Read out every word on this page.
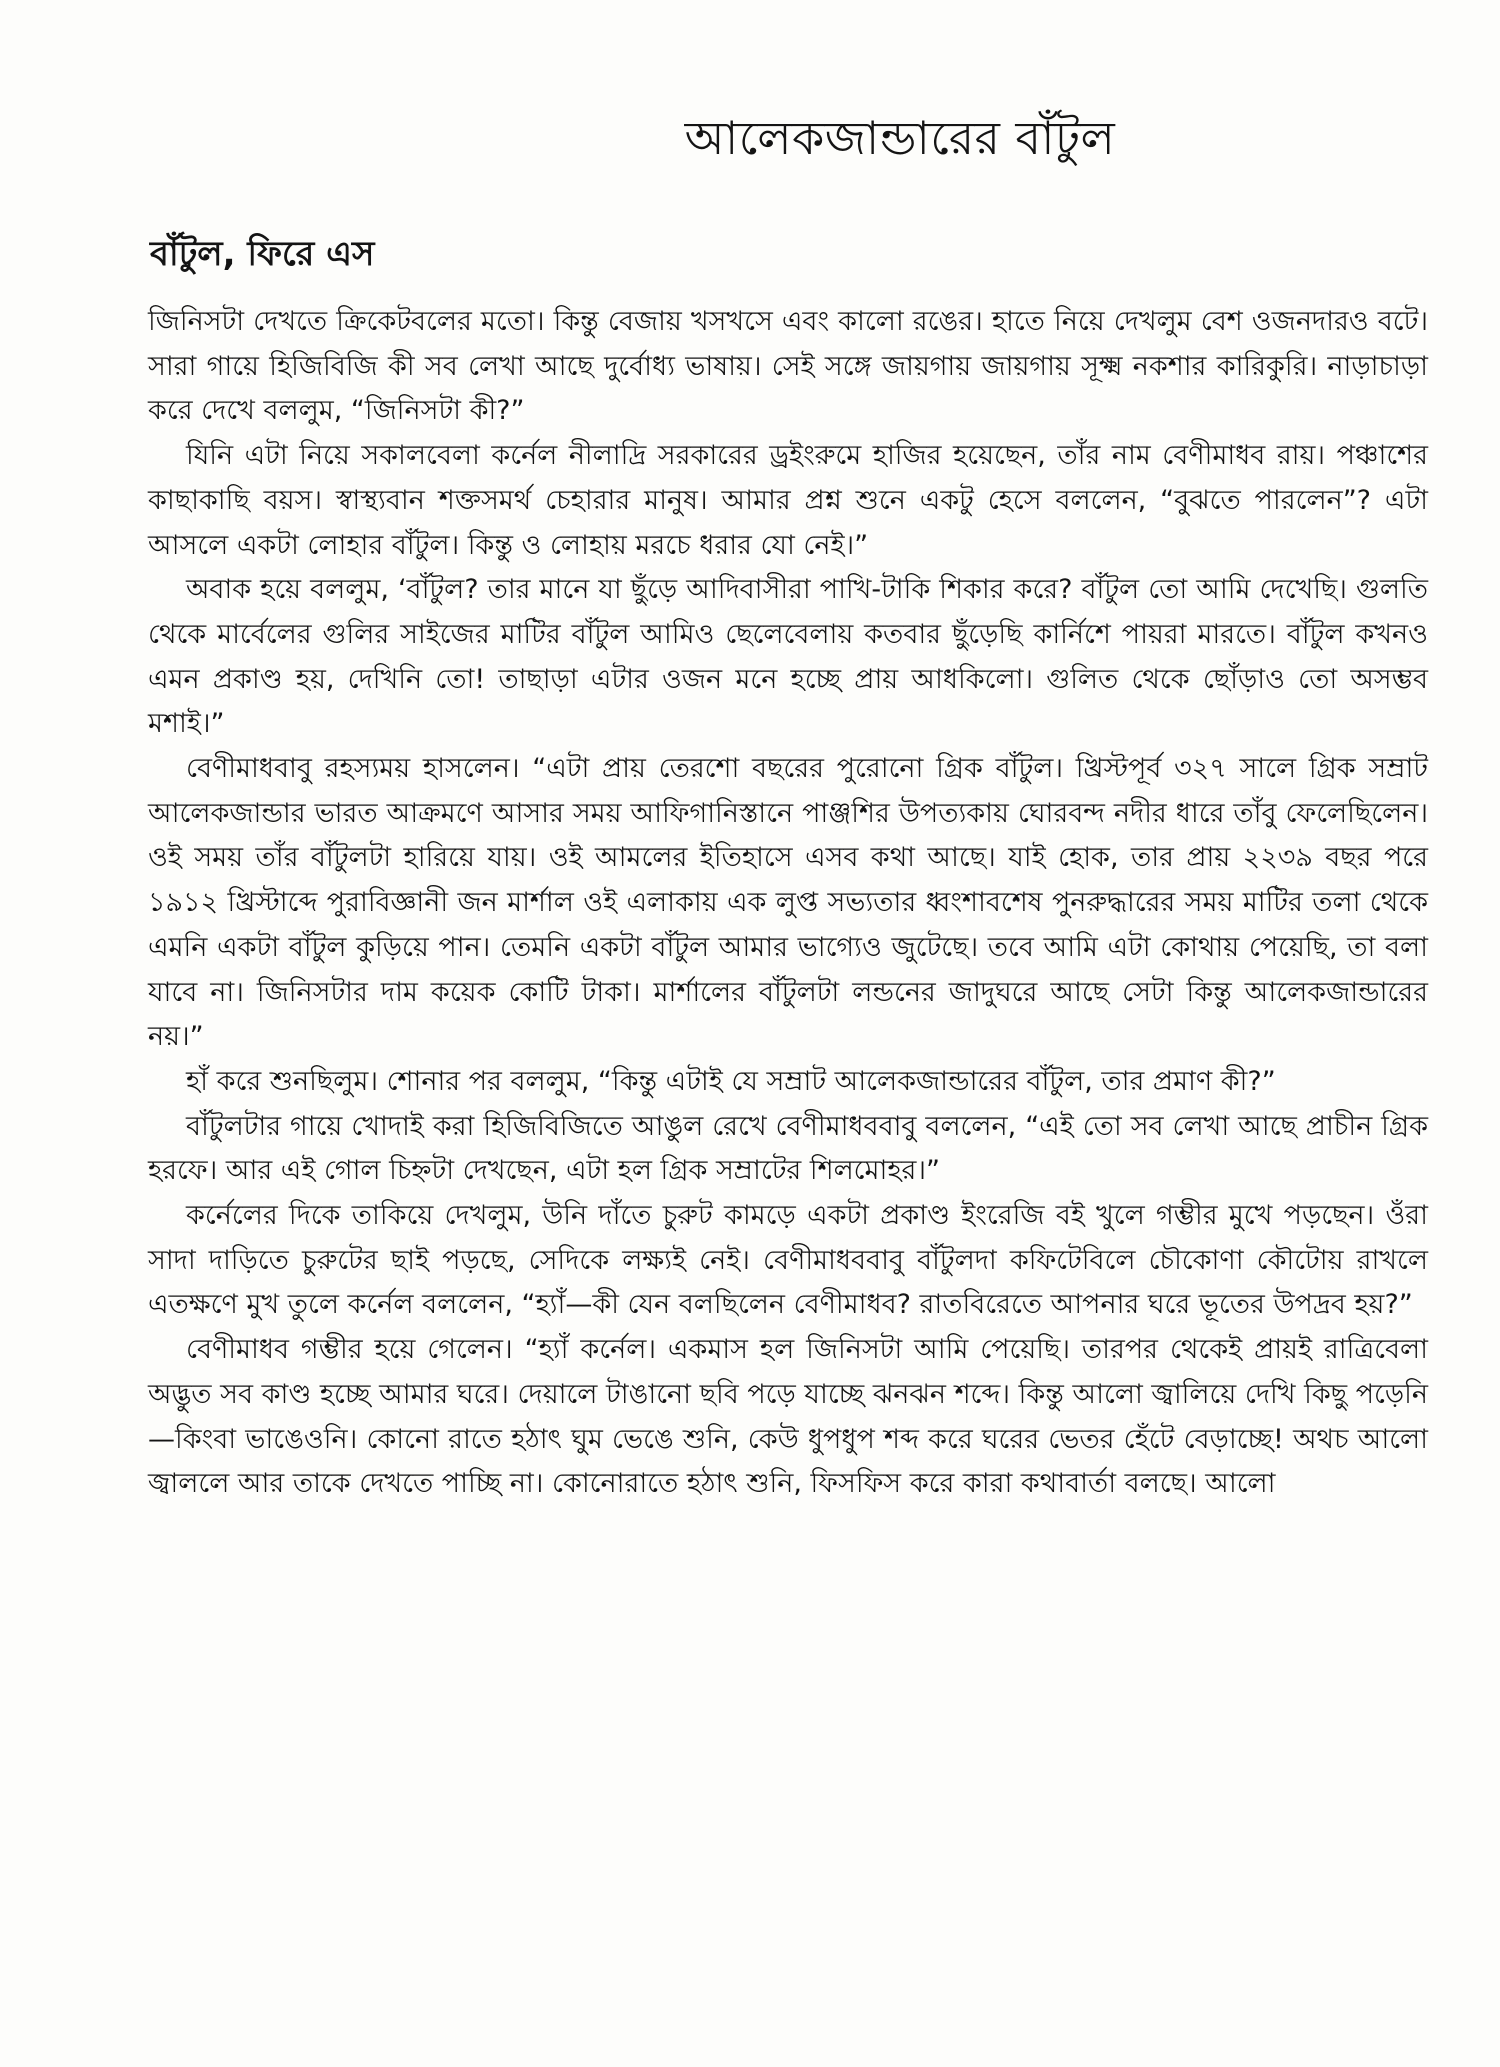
আলেকজান্ডারের বাঁটুল
বাঁটুল, ফিরে এস

জিনিসটা দেখতে ক্রিকেটবলের মতো। কিন্তু বেজায় খসখসে এবং কালো রঙের। হাতে নিয়ে দেখলুম বেশ ওজনদারও বটে। সারা গায়ে হিজিবিজি কী সব লেখা আছে দুর্বোধ্য ভাষায়। সেই সঙ্গে জায়গায় জায়গায় সূক্ষ্ম নকশার কারিকুরি। নাড়াচাড়া করে দেখে বললুম, “জিনিসটা কী?”

যিনি এটা নিয়ে সকালবেলা কর্নেল নীলাদ্রি সরকারের ড্রইংরুমে হাজির হয়েছেন, তাঁর নাম বেণীমাধব রায়। পঞ্চাশের কাছাকাছি বয়স। স্বাস্থ্যবান শক্তসমর্থ চেহারার মানুষ। আমার প্রশ্ন শুনে একটু হেসে বললেন, “বুঝতে পারলেন”? এটা আসলে একটা লোহার বাঁটুল। কিন্তু ও লোহায় মরচে ধরার যো নেই।”

অবাক হয়ে বললুম, ‘বাঁটুল? তার মানে যা ছুঁড়ে আদিবাসীরা পাখি-টাকি শিকার করে? বাঁটুল তো আমি দেখেছি। গুলতি থেকে মার্বেলের গুলির সাইজের মাটির বাঁটুল আমিও ছেলেবেলায় কতবার ছুঁড়েছি কার্নিশে পায়রা মারতে। বাঁটুল কখনও এমন প্রকাণ্ড হয়, দেখিনি তো! তাছাড়া এটার ওজন মনে হচ্ছে প্রায় আধকিলো। গুলিত থেকে ছোঁড়াও তো অসম্ভব মশাই।”

বেণীমাধবাবু রহস্যময় হাসলেন। “এটা প্রায় তেরশো বছরের পুরোনো গ্রিক বাঁটুল। খ্রিস্টপূর্ব ৩২৭ সালে গ্রিক সম্রাট আলেকজান্ডার ভারত আক্রমণে আসার সময় আফিগানিস্তানে পাঞ্জশির উপত্যকায় ঘোরবন্দ নদীর ধারে তাঁবু ফেলেছিলেন। ওই সময় তাঁর বাঁটুলটা হারিয়ে যায়। ওই আমলের ইতিহাসে এসব কথা আছে। যাই হোক, তার প্রায় ২২৩৯ বছর পরে ১৯১২ খ্রিস্টাব্দে পুরাবিজ্ঞানী জন মার্শাল ওই এলাকায় এক লুপ্ত সভ্যতার ধ্বংশাবশেষ পুনরুদ্ধারের সময় মাটির তলা থেকে এমনি একটা বাঁটুল কুড়িয়ে পান। তেমনি একটা বাঁটুল আমার ভাগ্যেও জুটেছে। তবে আমি এটা কোথায় পেয়েছি, তা বলা যাবে না। জিনিসটার দাম কয়েক কোটি টাকা। মার্শালের বাঁটুলটা লন্ডনের জাদুঘরে আছে সেটা কিন্তু আলেকজান্ডারের নয়।”

হাঁ করে শুনছিলুম। শোনার পর বললুম, “কিন্তু এটাই যে সম্রাট আলেকজান্ডারের বাঁটুল, তার প্রমাণ কী?”

বাঁটুলটার গায়ে খোদাই করা হিজিবিজিতে আঙুল রেখে বেণীমাধববাবু বললেন, “এই তো সব লেখা আছে প্রাচীন গ্রিক হরফে। আর এই গোল চিহ্নটা দেখছেন, এটা হল গ্রিক সম্রাটের শিলমোহর।”

কর্নেলের দিকে তাকিয়ে দেখলুম, উনি দাঁতে চুরুট কামড়ে একটা প্রকাণ্ড ইংরেজি বই খুলে গম্ভীর মুখে পড়ছেন। ওঁরা সাদা দাড়িতে চুরুটের ছাই পড়ছে, সেদিকে লক্ষ্যই নেই। বেণীমাধববাবু বাঁটুলদা কফিটেবিলে চৌকোণা কৌটোয় রাখলে এতক্ষণে মুখ তুলে কর্নেল বললেন, “হ্যাঁ—কী যেন বলছিলেন বেণীমাধব? রাতবিরেতে আপনার ঘরে ভূতের উপদ্রব হয়?”

বেণীমাধব গম্ভীর হয়ে গেলেন। “হ্যাঁ কর্নেল। একমাস হল জিনিসটা আমি পেয়েছি। তারপর থেকেই প্রায়ই রাত্রিবেলা অদ্ভুত সব কাণ্ড হচ্ছে আমার ঘরে। দেয়ালে টাঙানো ছবি পড়ে যাচ্ছে ঝনঝন শব্দে। কিন্তু আলো জ্বালিয়ে দেখি কিছু পড়েনি—কিংবা ভাঙেওনি। কোনো রাতে হঠাৎ ঘুম ভেঙে শুনি, কেউ ধুপধুপ শব্দ করে ঘরের ভেতর হেঁটে বেড়াচ্ছে! অথচ আলো জ্বাললে আর তাকে দেখতে পাচ্ছি না। কোনোরাতে হঠাৎ শুনি, ফিসফিস করে কারা কথাবার্তা বলছে। আলো
